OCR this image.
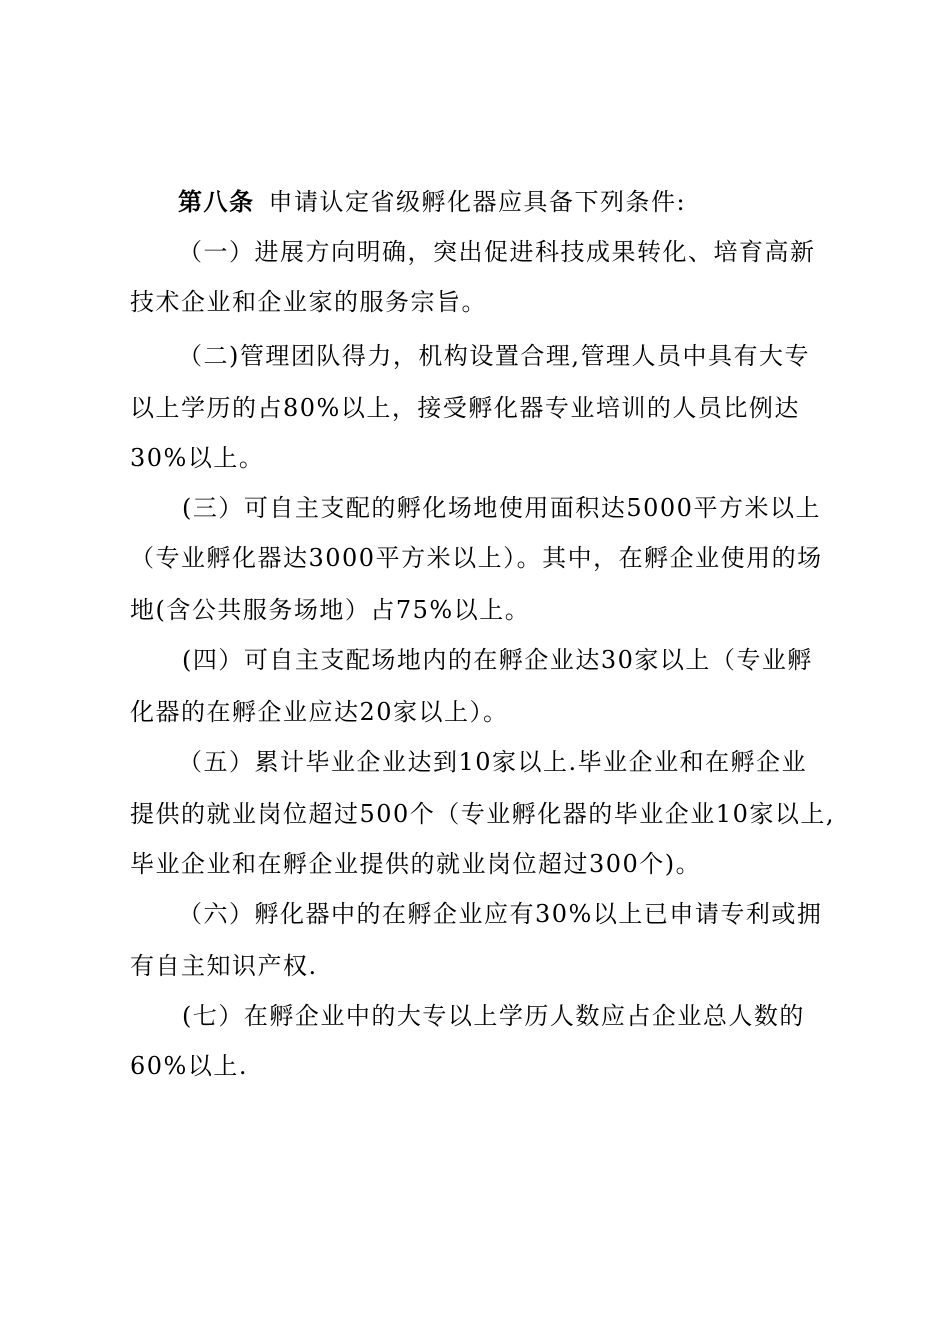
第八条 申请认定省级孵化器应具备下列条件:

（一）进展方向明确，突出促进科技成果转化、培育高新

技术企业和企业家的服务宗旨。

（二)管理团队得力，机构设置合理,管理人员中具有大专

以上学历的占80%以上，接受孵化器专业培训的人员比例达

30%以上。

(三）可自主支配的孵化场地使用面积达5000平方米以上

（专业孵化器达3000平方米以上）。其中，在孵企业使用的场

地(含公共服务场地）占75%以上。

(四）可自主支配场地内的在孵企业达30家以上（专业孵

化器的在孵企业应达20家以上）。

（五）累计毕业企业达到10家以上.毕业企业和在孵企业

提供的就业岗位超过500个（专业孵化器的毕业企业10家以上,

毕业企业和在孵企业提供的就业岗位超过300个)。

（六）孵化器中的在孵企业应有30%以上已申请专利或拥

有自主知识产权.

(七）在孵企业中的大专以上学历人数应占企业总人数的

60%以上.
